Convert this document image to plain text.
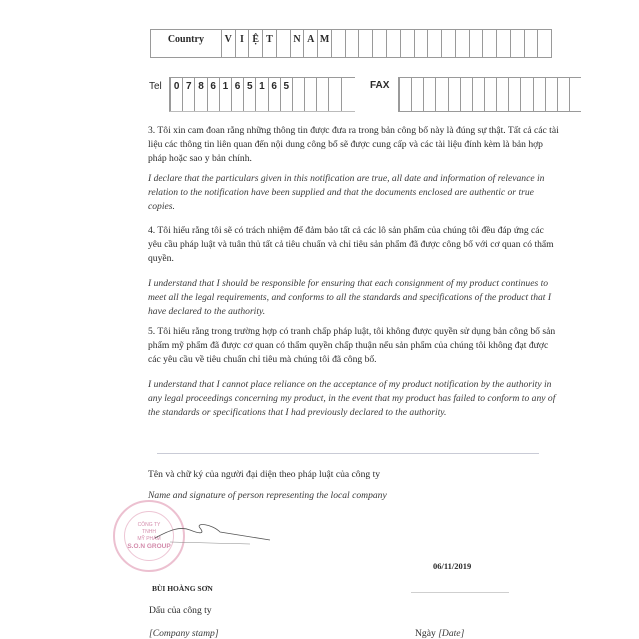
Country	V I Ệ T	N A M
Tel	0 7 8 6 1 6 5 1 6 5	FAX
3. Tôi xin cam đoan rằng những thông tin được đưa ra trong bản công bố này là đúng sự thật. Tất cả các tài liệu các thông tin liên quan đến nội dung công bố sẽ được cung cấp và các tài liệu đính kèm là bản hợp pháp hoặc sao y bản chính.
I declare that the particulars given in this notification are true, all date and information of relevance in relation to the notification have been supplied and that the documents enclosed are authentic or true copies.
4. Tôi hiểu rằng tôi sẽ có trách nhiệm để đảm bảo tất cả các lô sản phẩm của chúng tôi đều đáp ứng các yêu cầu pháp luật và tuân thủ tất cả tiêu chuẩn và chỉ tiêu sản phẩm đã được công bố với cơ quan có thẩm quyền.
I understand that I should be responsible for ensuring that each consignment of my product continues to meet all the legal requirements, and conforms to all the standards and specifications of the product that I have declared to the authority.
5. Tôi hiểu rằng trong trường hợp có tranh chấp pháp luật, tôi không được quyền sử dụng bản công bố sản phẩm mỹ phẩm đã được cơ quan có thẩm quyền chấp thuận nếu sản phẩm của chúng tôi không đạt được các yêu cầu về tiêu chuẩn chỉ tiêu mà chúng tôi đã công bố.
I understand that I cannot place reliance on the acceptance of my product notification by the authority in any legal proceedings concerning my product, in the event that my product has failed to conform to any of the standards or specifications that I had previously declared to the authority.
Tên và chữ ký của người đại diện theo pháp luật của công ty
Name and signature of person representing the local company
CÔNG TY
TNHH
MỸ PHẨM
S.O.N GROUP
BÙI HOÀNG SƠN
Dấu của công ty
[Company stamp]
06/11/2019
Ngày [Date]
